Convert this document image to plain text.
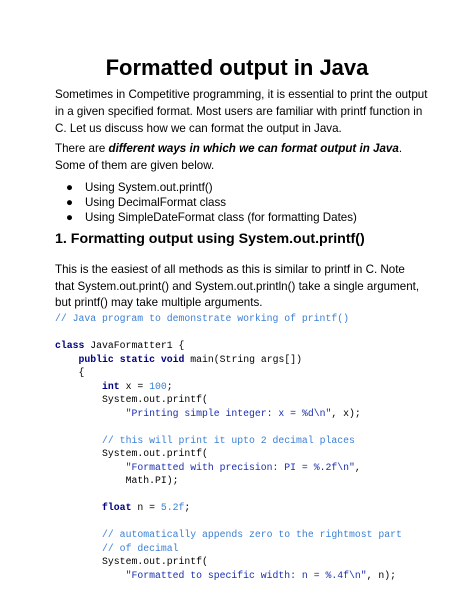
Formatted output in Java

Sometimes in Competitive programming, it is essential to print the output in a given specified format. Most users are familiar with printf function in C. Let us discuss how we can format the output in Java.

There are different ways in which we can format output in Java. Some of them are given below.

● Using System.out.printf()
● Using DecimalFormat class
● Using SimpleDateFormat class (for formatting Dates)
1. Formatting output using System.out.printf()

This is the easiest of all methods as this is similar to printf in C. Note that System.out.print() and System.out.println() take a single argument, but printf() may take multiple arguments.

// Java program to demonstrate working of printf()

class JavaFormatter1 {
public static void main(String args[])
{
int x = 100;
System.out.printf(
"Printing simple integer: x = %d\n", x);

// this will print it upto 2 decimal places
System.out.printf(
"Formatted with precision: PI = %.2f\n",
Math.PI);

float n = 5.2f;

// automatically appends zero to the rightmost part
// of decimal
System.out.printf(
"Formatted to specific width: n = %.4f\n", n);
